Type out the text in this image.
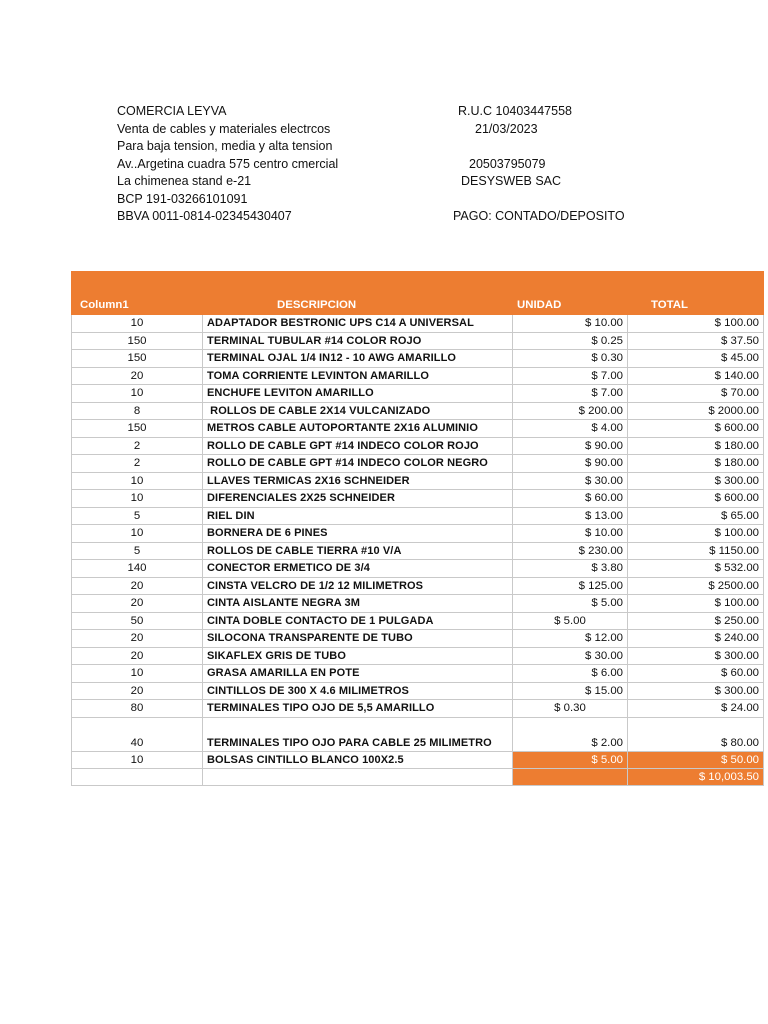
COMERCIA LEYVA
Venta de cables y materiales electrcos
Para baja tension, media y alta tension
Av..Argetina cuadra 575 centro cmercial
La chimenea stand e-21
BCP 191-03266101091
BBVA 0011-0814-02345430407
R.U.C 10403447558
21/03/2023
20503795079
DESYSWEB SAC
PAGO: CONTADO/DEPOSITO
Column1	DESCRIPCION	UNIDAD	TOTAL
10	ADAPTADOR BESTRONIC UPS C14 A UNIVERSAL	$ 10.00	$ 100.00
150	TERMINAL TUBULAR #14 COLOR ROJO	$ 0.25	$ 37.50
150	TERMINAL OJAL 1/4 IN12 - 10 AWG AMARILLO	$ 0.30	$ 45.00
20	TOMA CORRIENTE LEVINTON AMARILLO	$ 7.00	$ 140.00
10	ENCHUFE LEVITON AMARILLO	$ 7.00	$ 70.00
8	ROLLOS DE CABLE 2X14 VULCANIZADO	$ 200.00	$ 2000.00
150	METROS CABLE AUTOPORTANTE 2X16 ALUMINIO	$ 4.00	$ 600.00
2	ROLLO DE CABLE GPT #14 INDECO COLOR ROJO	$ 90.00	$ 180.00
2	ROLLO DE CABLE GPT #14 INDECO COLOR NEGRO	$ 90.00	$ 180.00
10	LLAVES TERMICAS 2X16 SCHNEIDER	$ 30.00	$ 300.00
10	DIFERENCIALES 2X25 SCHNEIDER	$ 60.00	$ 600.00
5	RIEL DIN	$ 13.00	$ 65.00
10	BORNERA DE 6 PINES	$ 10.00	$ 100.00
5	ROLLOS DE CABLE TIERRA #10 V/A	$ 230.00	$ 1150.00
140	CONECTOR ERMETICO DE 3/4	$ 3.80	$ 532.00
20	CINSTA VELCRO DE 1/2 12 MILIMETROS	$ 125.00	$ 2500.00
20	CINTA AISLANTE NEGRA 3M	$ 5.00	$ 100.00
50	CINTA DOBLE CONTACTO DE 1 PULGADA	$ 5.00	$ 250.00
20	SILOCONA TRANSPARENTE DE TUBO	$ 12.00	$ 240.00
20	SIKAFLEX GRIS DE TUBO	$ 30.00	$ 300.00
10	GRASA AMARILLA EN POTE	$ 6.00	$ 60.00
20	CINTILLOS DE 300 X 4.6 MILIMETROS	$ 15.00	$ 300.00
80	TERMINALES TIPO OJO DE 5,5 AMARILLO	$ 0.30	$ 24.00
40	TERMINALES TIPO OJO PARA CABLE 25 MILIMETRO	$ 2.00	$ 80.00
10	BOLSAS CINTILLO BLANCO 100X2.5	$ 5.00	$ 50.00
			$ 10,003.50
